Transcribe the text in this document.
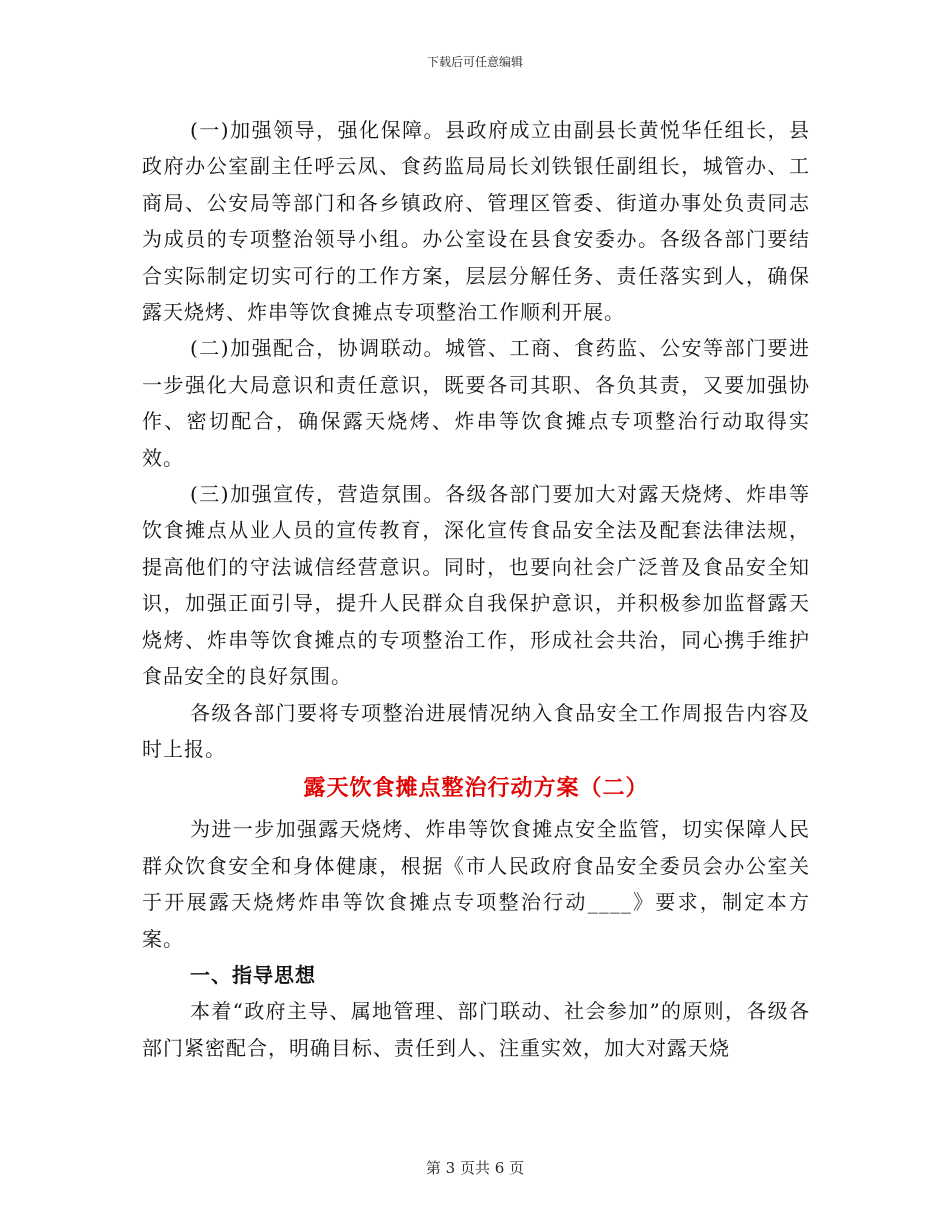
下载后可任意编辑

(一)加强领导，强化保障。县政府成立由副县长黄悦华任组长，县政府办公室副主任呼云凤、食药监局局长刘铁银任副组长，城管办、工商局、公安局等部门和各乡镇政府、管理区管委、街道办事处负责同志为成员的专项整治领导小组。办公室设在县食安委办。各级各部门要结合实际制定切实可行的工作方案，层层分解任务、责任落实到人，确保露天烧烤、炸串等饮食摊点专项整治工作顺利开展。

(二)加强配合，协调联动。城管、工商、食药监、公安等部门要进一步强化大局意识和责任意识，既要各司其职、各负其责，又要加强协作、密切配合，确保露天烧烤、炸串等饮食摊点专项整治行动取得实效。

(三)加强宣传，营造氛围。各级各部门要加大对露天烧烤、炸串等饮食摊点从业人员的宣传教育，深化宣传食品安全法及配套法律法规，提高他们的守法诚信经营意识。同时，也要向社会广泛普及食品安全知识，加强正面引导，提升人民群众自我保护意识，并积极参加监督露天烧烤、炸串等饮食摊点的专项整治工作，形成社会共治，同心携手维护食品安全的良好氛围。

各级各部门要将专项整治进展情况纳入食品安全工作周报告内容及时上报。

露天饮食摊点整治行动方案（二）

为进一步加强露天烧烤、炸串等饮食摊点安全监管，切实保障人民群众饮食安全和身体健康，根据《市人民政府食品安全委员会办公室关于开展露天烧烤炸串等饮食摊点专项整治行动____》要求，制定本方案。

一、指导思想

本着“政府主导、属地管理、部门联动、社会参加”的原则，各级各部门紧密配合，明确目标、责任到人、注重实效，加大对露天烧

第 3 页共 6 页
